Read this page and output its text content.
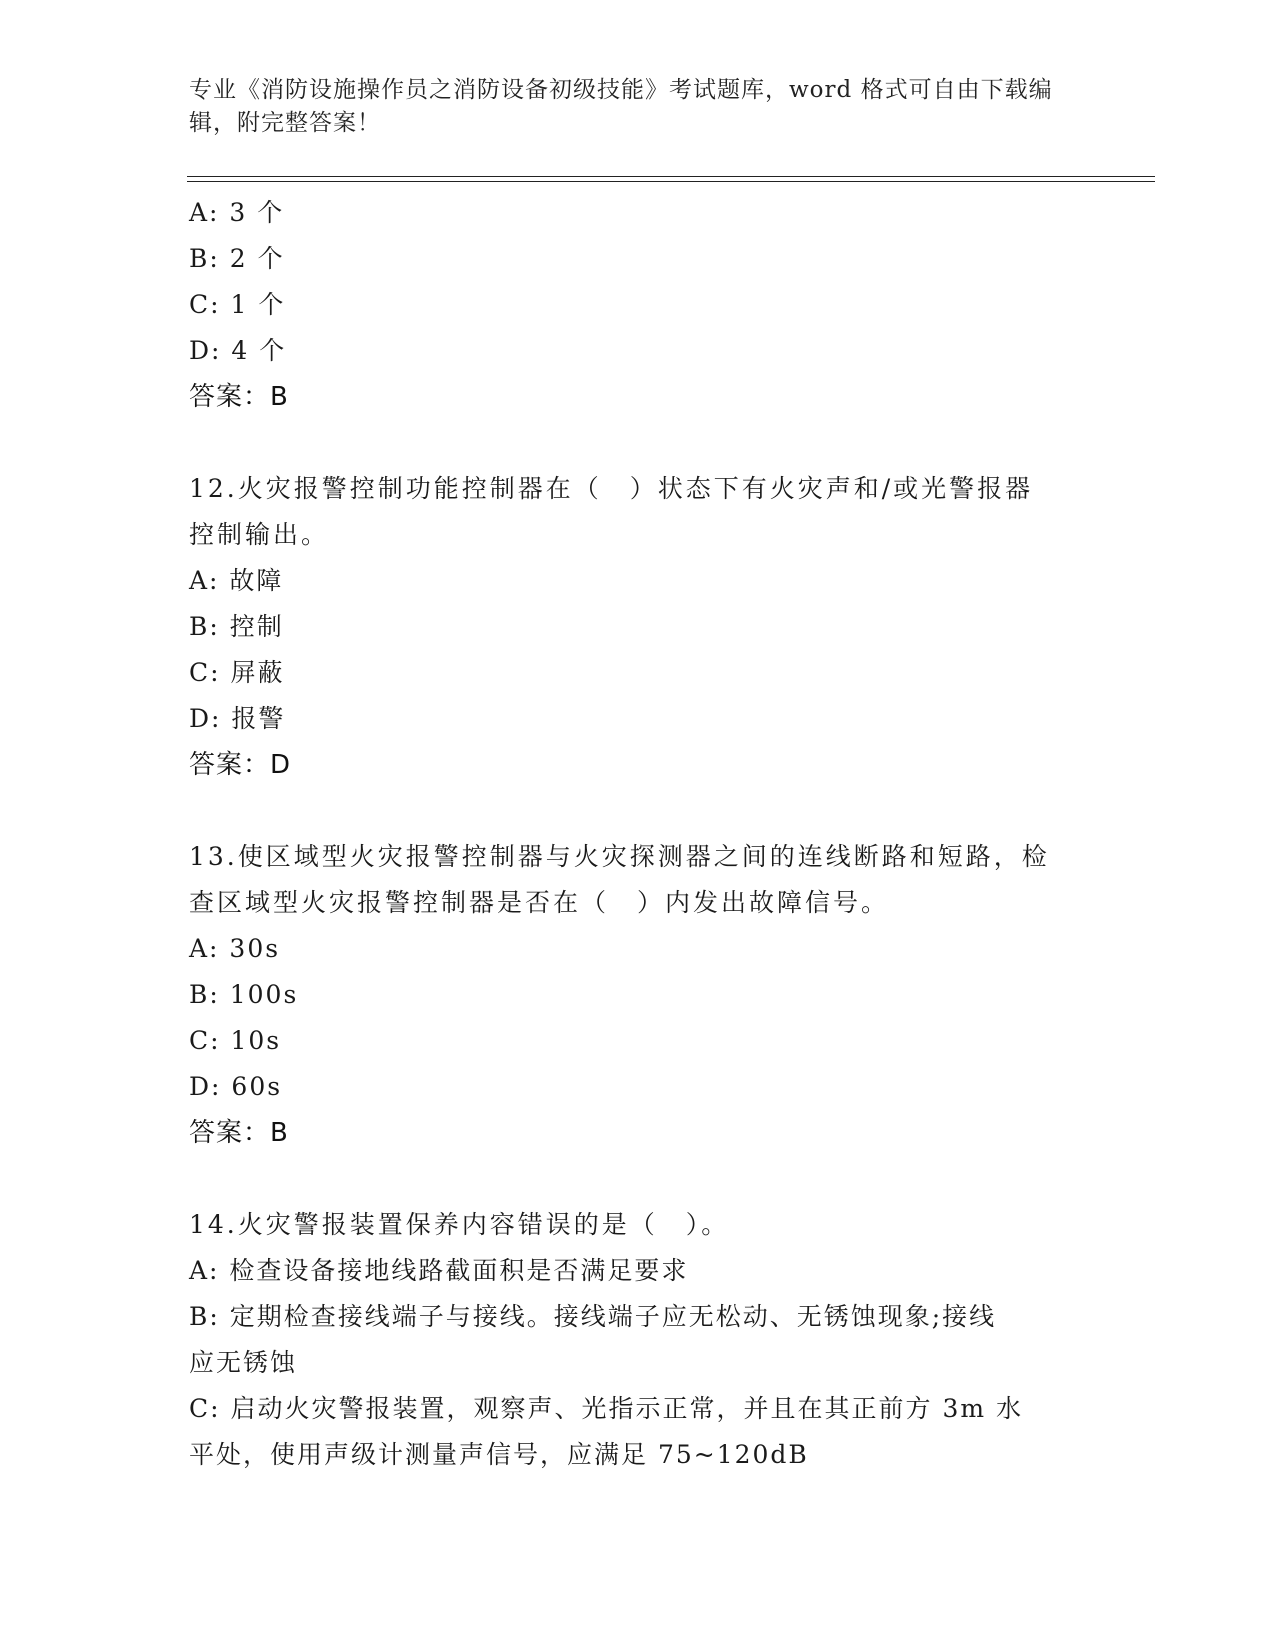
专业《消防设施操作员之消防设备初级技能》考试题库，word 格式可自由下载编
辑，附完整答案！
A: 3 个
B: 2 个
C: 1 个
D: 4 个
答案：B
12.火灾报警控制功能控制器在（　）状态下有火灾声和/或光警报器
控制输出。
A: 故障
B: 控制
C: 屏蔽
D: 报警
答案：D
13.使区域型火灾报警控制器与火灾探测器之间的连线断路和短路，检
查区域型火灾报警控制器是否在（　）内发出故障信号。
A: 30s
B: 100s
C: 10s
D: 60s
答案：B
14.火灾警报装置保养内容错误的是（　）。
A: 检查设备接地线路截面积是否满足要求
B: 定期检查接线端子与接线。接线端子应无松动、无锈蚀现象;接线
应无锈蚀
C: 启动火灾警报装置，观察声、光指示正常，并且在其正前方 3m 水
平处，使用声级计测量声信号，应满足 75~120dB
